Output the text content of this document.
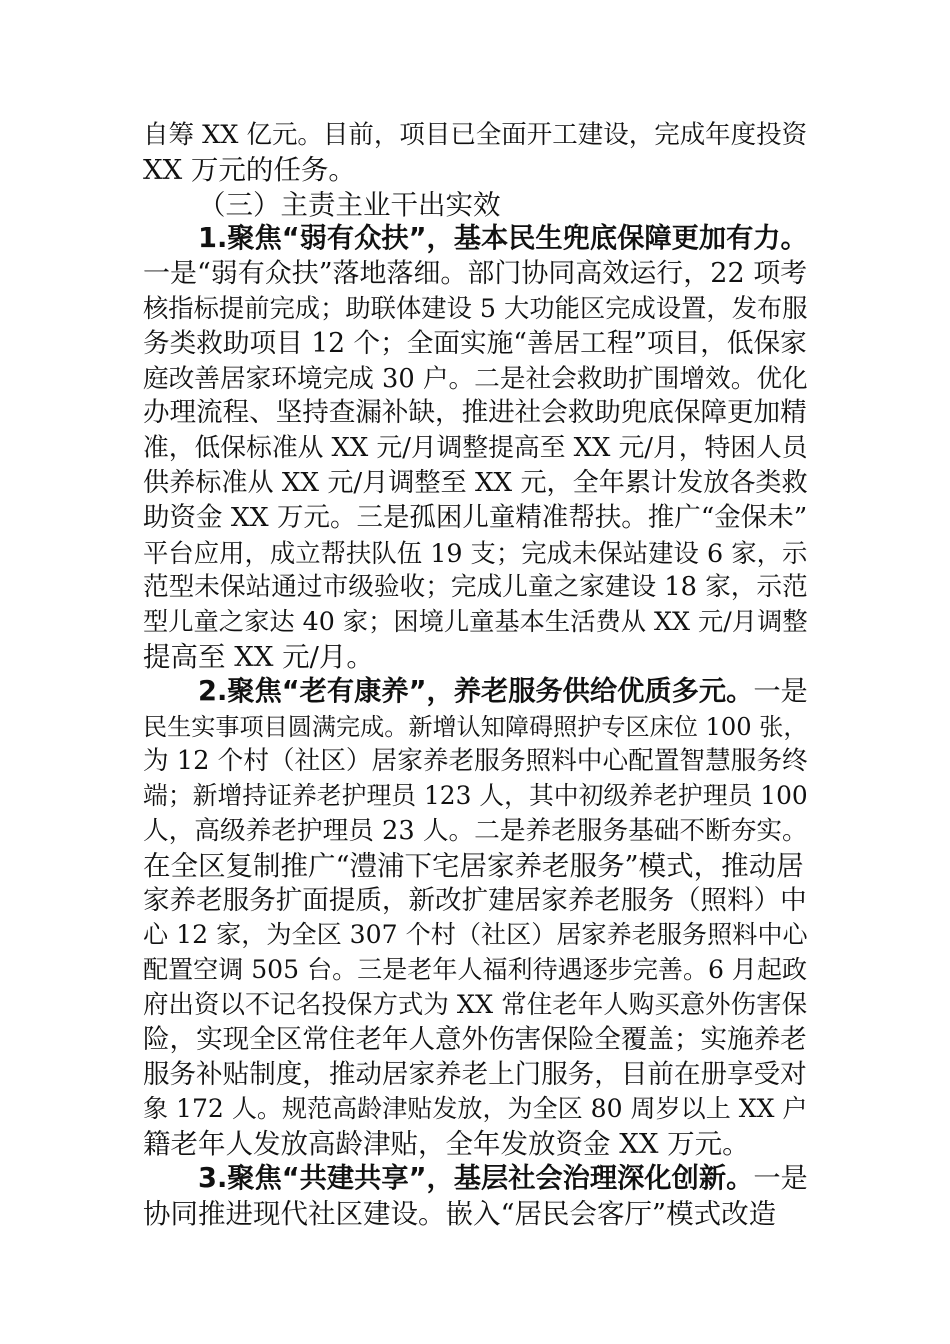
自筹 XX 亿元。目前，项目已全面开工建设，完成年度投资
XX 万元的任务。
（三）主责主业干出实效
1.聚焦“弱有众扶”，基本民生兜底保障更加有力。
一是“弱有众扶”落地落细。部门协同高效运行，22 项考
核指标提前完成；助联体建设 5 大功能区完成设置，发布服
务类救助项目 12 个；全面实施“善居工程”项目，低保家
庭改善居家环境完成 30 户。二是社会救助扩围增效。优化
办理流程、坚持查漏补缺，推进社会救助兜底保障更加精
准，低保标准从 XX 元/月调整提高至 XX 元/月，特困人员
供养标准从 XX 元/月调整至 XX 元，全年累计发放各类救
助资金 XX 万元。三是孤困儿童精准帮扶。推广“金保未”
平台应用，成立帮扶队伍 19 支；完成未保站建设 6 家，示
范型未保站通过市级验收；完成儿童之家建设 18 家，示范
型儿童之家达 40 家；困境儿童基本生活费从 XX 元/月调整
提高至 XX 元/月。
2.聚焦“老有康养”，养老服务供给优质多元。一是
民生实事项目圆满完成。新增认知障碍照护专区床位 100 张，
为 12 个村（社区）居家养老服务照料中心配置智慧服务终
端；新增持证养老护理员 123 人，其中初级养老护理员 100
人，高级养老护理员 23 人。二是养老服务基础不断夯实。
在全区复制推广“澧浦下宅居家养老服务”模式，推动居
家养老服务扩面提质，新改扩建居家养老服务（照料）中
心 12 家，为全区 307 个村（社区）居家养老服务照料中心
配置空调 505 台。三是老年人福利待遇逐步完善。6 月起政
府出资以不记名投保方式为 XX 常住老年人购买意外伤害保
险，实现全区常住老年人意外伤害保险全覆盖；实施养老
服务补贴制度，推动居家养老上门服务，目前在册享受对
象 172 人。规范高龄津贴发放，为全区 80 周岁以上 XX 户
籍老年人发放高龄津贴，全年发放资金 XX 万元。
3.聚焦“共建共享”，基层社会治理深化创新。一是
协同推进现代社区建设。嵌入“居民会客厅”模式改造
